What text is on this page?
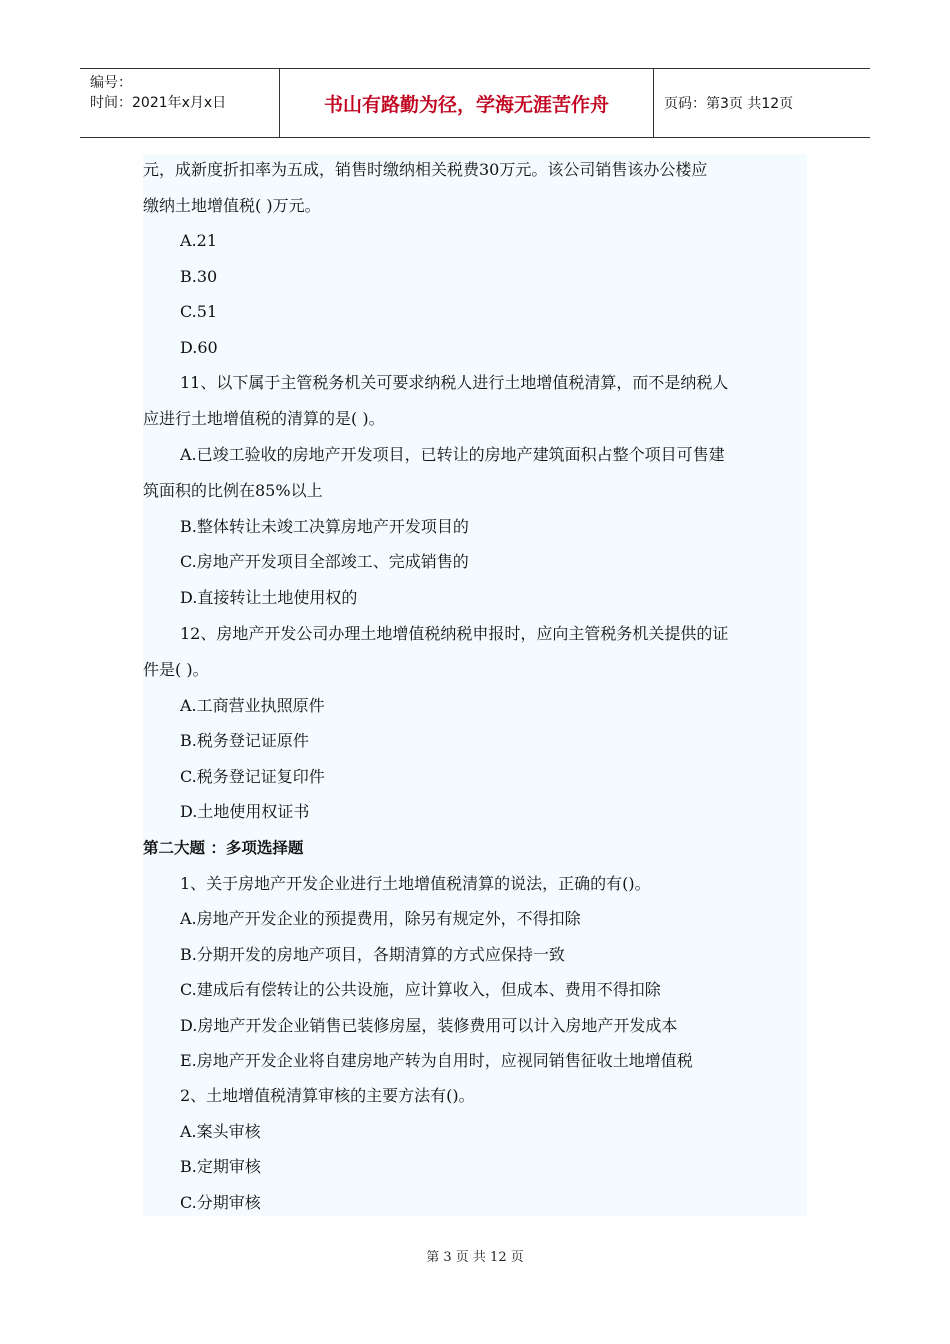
编号：
时间：2021年x月x日	书山有路勤为径，学海无涯苦作舟	页码：第3页 共12页
元，成新度折扣率为五成，销售时缴纳相关税费30万元。该公司销售该办公楼应
缴纳土地增值税( )万元。
A.21
B.30
C.51
D.60
11、以下属于主管税务机关可要求纳税人进行土地增值税清算，而不是纳税人
应进行土地增值税的清算的是( )。
A.已竣工验收的房地产开发项目，已转让的房地产建筑面积占整个项目可售建
筑面积的比例在85%以上
B.整体转让未竣工决算房地产开发项目的
C.房地产开发项目全部竣工、完成销售的
D.直接转让土地使用权的
12、房地产开发公司办理土地增值税纳税申报时，应向主管税务机关提供的证
件是( )。
A.工商营业执照原件
B.税务登记证原件
C.税务登记证复印件
D.土地使用权证书
第二大题 ：多项选择题
1、关于房地产开发企业进行土地增值税清算的说法，正确的有()。
A.房地产开发企业的预提费用，除另有规定外，不得扣除
B.分期开发的房地产项目，各期清算的方式应保持一致
C.建成后有偿转让的公共设施，应计算收入，但成本、费用不得扣除
D.房地产开发企业销售已装修房屋，装修费用可以计入房地产开发成本
E.房地产开发企业将自建房地产转为自用时，应视同销售征收土地增值税
2、土地增值税清算审核的主要方法有()。
A.案头审核
B.定期审核
C.分期审核
第 3 页 共 12 页
